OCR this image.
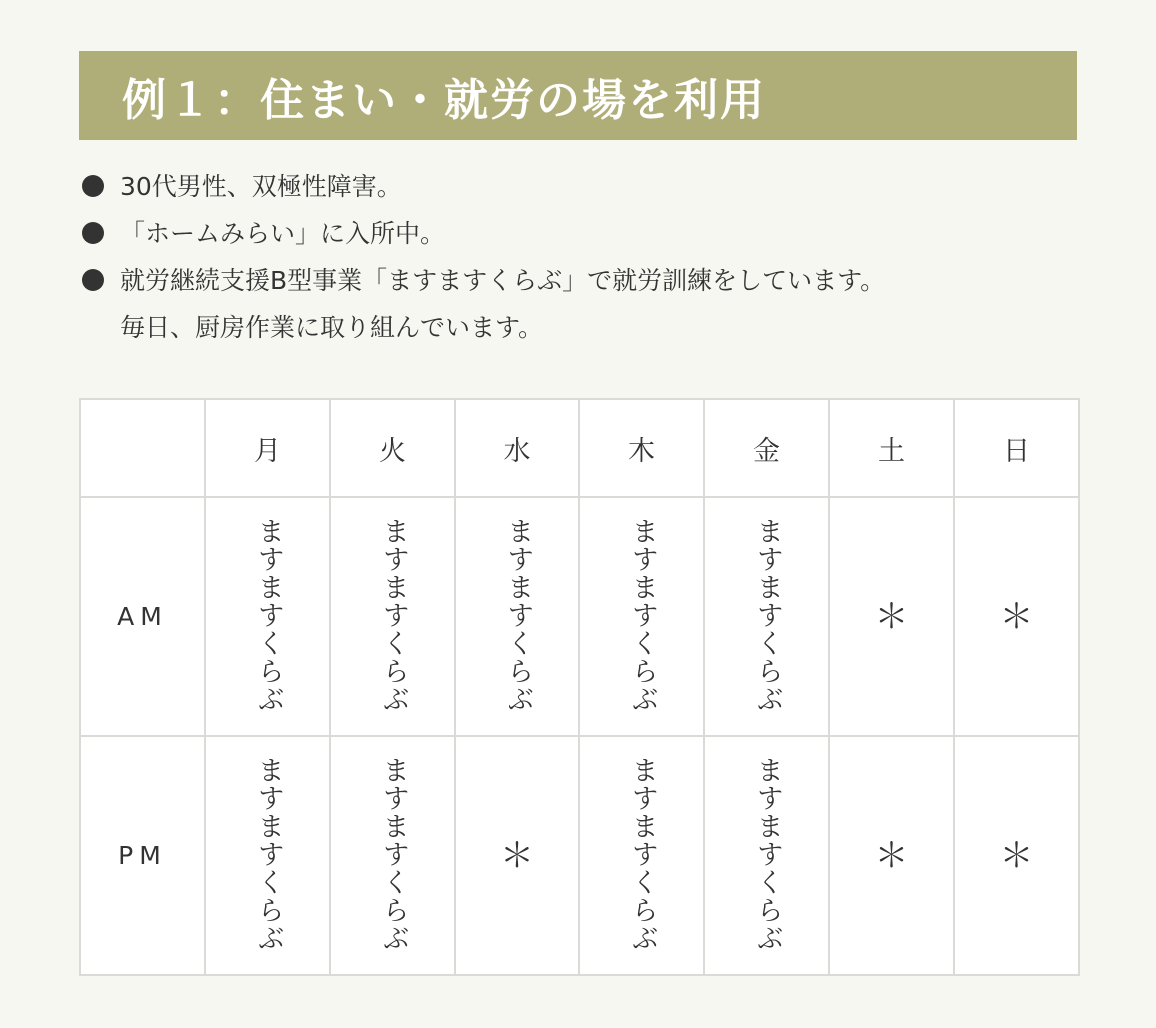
例１：住まい・就労の場を利用
30代男性、双極性障害。
「ホームみらい」に入所中。
就労継続支援B型事業「ますますくらぶ」で就労訓練をしています。
毎日、厨房作業に取り組んでいます。
	月	火	水	木	金	土	日
AM	ますますくらぶ	ますますくらぶ	ますますくらぶ	ますますくらぶ	ますますくらぶ	＊	＊
PM	ますますくらぶ	ますますくらぶ	＊	ますますくらぶ	ますますくらぶ	＊	＊
